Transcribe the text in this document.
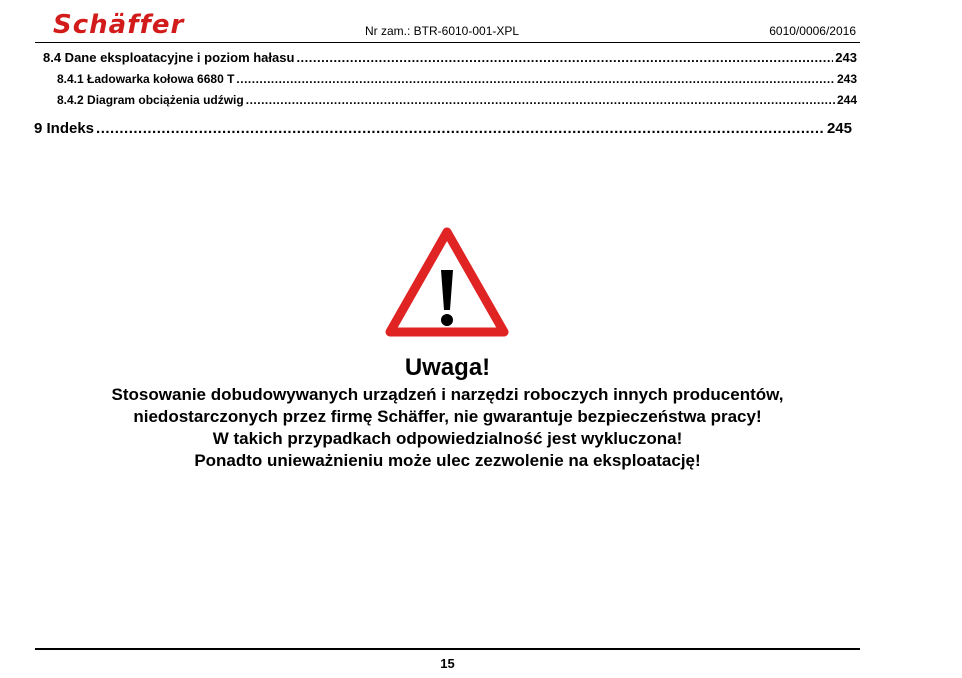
Schäffer	Nr zam.: BTR-6010-001-XPL	6010/0006/2016
8.4 Dane eksploatacyjne i poziom hałasu .....	243
8.4.1 Ładowarka kołowa 6680 T .....	243
8.4.2 Diagram obciążenia udźwig .....	244
9 Indeks .....	245
Uwaga!
Stosowanie dobudowywanych urządzeń i narzędzi roboczych innych producentów,
niedostarczonych przez firmę Schäffer, nie gwarantuje bezpieczeństwa pracy!
W takich przypadkach odpowiedzialność jest wykluczona!
Ponadto unieważnieniu może ulec zezwolenie na eksploatację!
15
